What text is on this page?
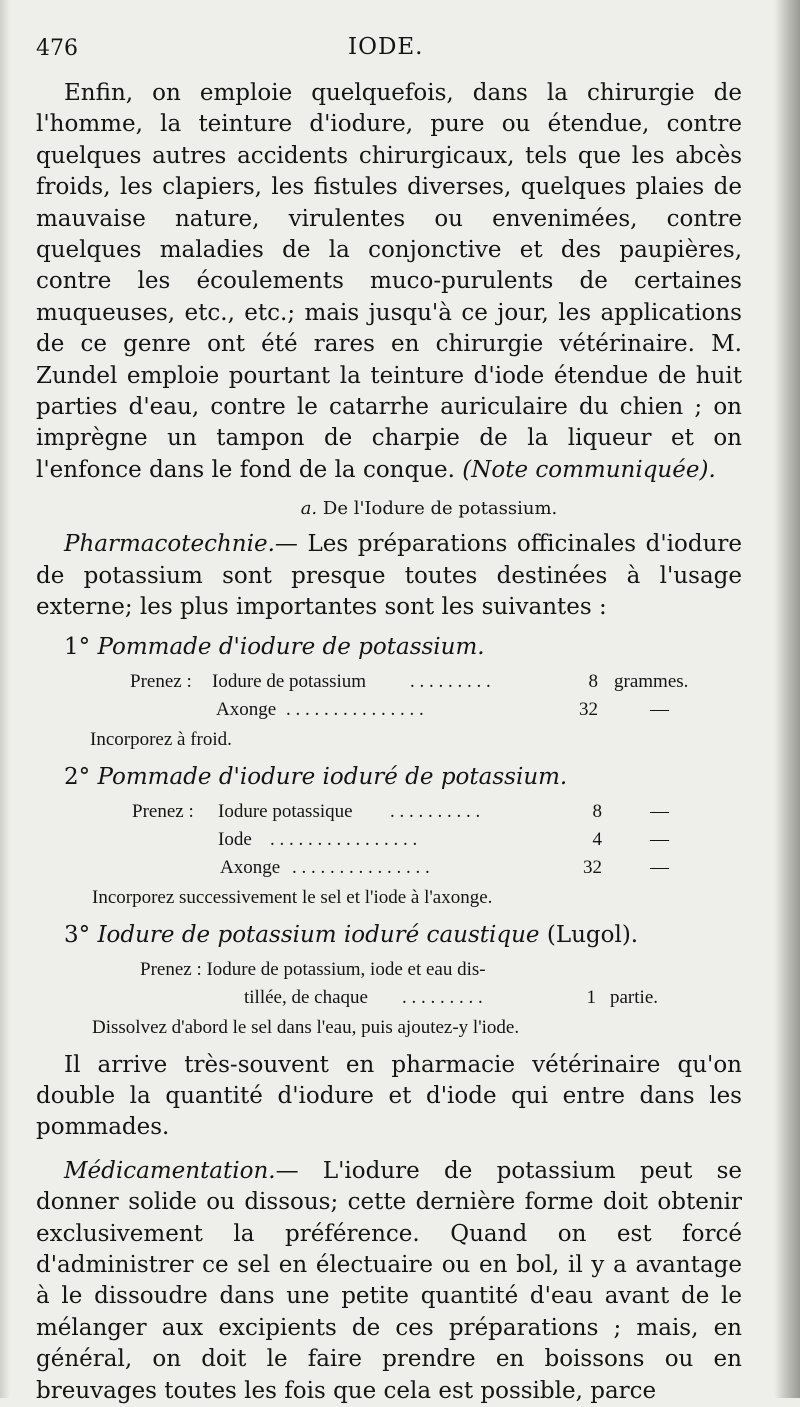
476	IODE.

Enfin, on emploie quelquefois, dans la chirurgie de l'homme, la teinture d'iodure, pure ou étendue, contre quelques autres accidents chirurgicaux, tels que les abcès froids, les clapiers, les fistules diverses, quelques plaies de mauvaise nature, virulentes ou envenimées, contre quelques maladies de la conjonctive et des paupières, contre les écoulements muco-purulents de certaines muqueuses, etc., etc.; mais jusqu'à ce jour, les applications de ce genre ont été rares en chirurgie vétérinaire. M. Zundel emploie pourtant la teinture d'iode étendue de huit parties d'eau, contre le catarrhe auriculaire du chien ; on imprègne un tampon de charpie de la liqueur et on l'enfonce dans le fond de la conque. (Note communiquée).

a. De l'Iodure de potassium.

Pharmacotechnie.— Les préparations officinales d'iodure de potassium sont presque toutes destinées à l'usage externe; les plus importantes sont les suivantes :

1° Pommade d'iodure de potassium.
Prenez : Iodure de potassium . . . . . . . . .	8 grammes.
Axonge . . . . . . . . . . . . . . .	32	—
Incorporez à froid.
2° Pommade d'iodure ioduré de potassium.
Prenez : Iodure potassique . . . . . . . . . .	8	—
Iode . . . . . . . . . . . . . . . .	4	—
Axonge . . . . . . . . . . . . . . .	32	—
Incorporez successivement le sel et l'iode à l'axonge.
3° Iodure de potassium ioduré caustique (Lugol).
Prenez : Iodure de potassium, iode et eau dis-
tillée, de chaque . . . . . . . . .	1 partie.
Dissolvez d'abord le sel dans l'eau, puis ajoutez-y l'iode.

Il arrive très-souvent en pharmacie vétérinaire qu'on double la quantité d'iodure et d'iode qui entre dans les pommades.

Médicamentation.— L'iodure de potassium peut se donner solide ou dissous; cette dernière forme doit obtenir exclusivement la préférence. Quand on est forcé d'administrer ce sel en électuaire ou en bol, il y a avantage à le dissoudre dans une petite quantité d'eau avant de le mélanger aux excipients de ces préparations ; mais, en général, on doit le faire prendre en boissons ou en breuvages toutes les fois que cela est possible, parce
